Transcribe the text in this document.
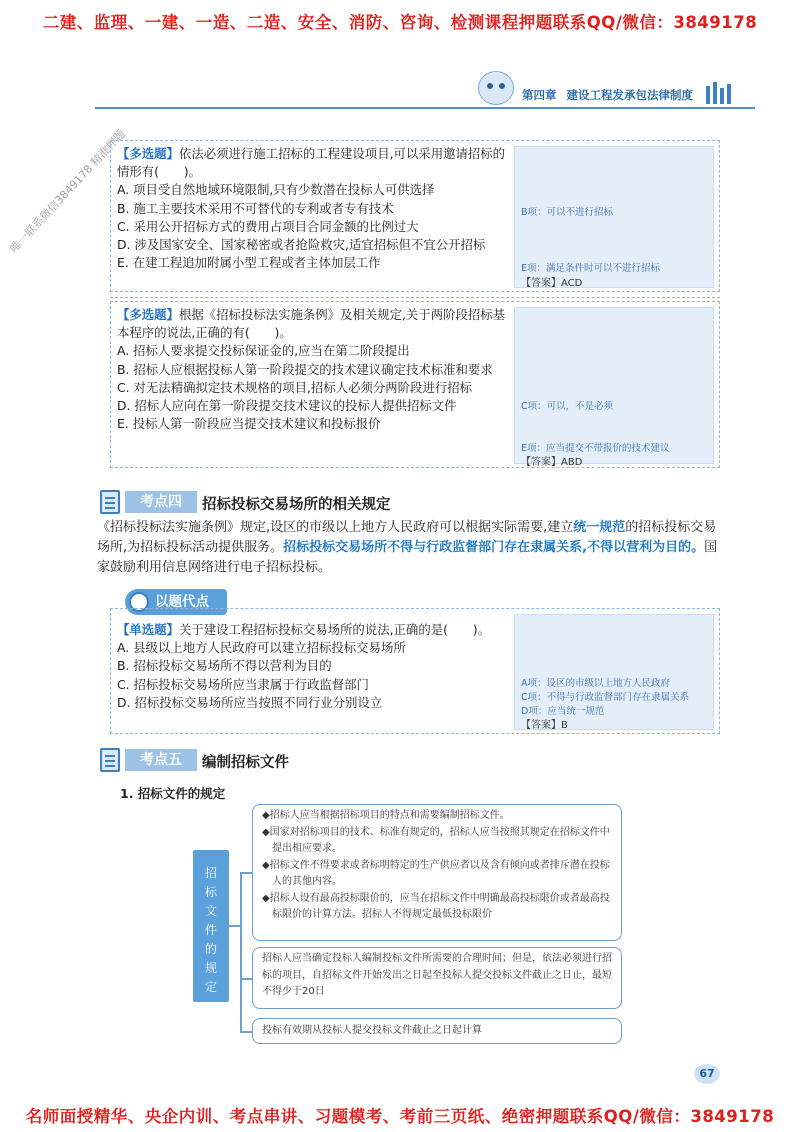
二建、监理、一建、一造、二造、安全、消防、咨询、检测课程押题联系QQ/微信：3849178
第四章 建设工程发承包法律制度
唯一联系微信3849178 精准押题

【多选题】依法必须进行施工招标的工程建设项目,可以采用邀请招标的情形有(　　)。

A. 项目受自然地域环境限制,只有少数潜在投标人可供选择

B. 施工主要技术采用不可替代的专利或者专有技术

C. 采用公开招标方式的费用占项目合同金额的比例过大

D. 涉及国家安全、国家秘密或者抢险救灾,适宜招标但不宜公开招标

E. 在建工程追加附属小型工程或者主体加层工作

B项：可以不进行招标
E项：满足条件时可以不进行招标
【答案】ACD

【多选题】根据《招标投标法实施条例》及相关规定,关于两阶段招标基本程序的说法,正确的有(　　)。

A. 招标人要求提交投标保证金的,应当在第二阶段提出

B. 招标人应根据投标人第一阶段提交的技术建议确定技术标准和要求

C. 对无法精确拟定技术规格的项目,招标人必须分两阶段进行招标

D. 招标人应向在第一阶段提交技术建议的投标人提供招标文件

E. 投标人第一阶段应当提交技术建议和投标报价

C项：可以，不是必须
E项：应当提交不带报价的技术建议
【答案】ABD
考点四	招标投标交易场所的相关规定
《招标投标法实施条例》规定,设区的市级以上地方人民政府可以根据实际需要,建立统一规范的招标投标交易场所,为招标投标活动提供服务。招标投标交易场所不得与行政监督部门存在隶属关系,不得以营利为目的。国家鼓励利用信息网络进行电子招标投标。
以题代点

【单选题】关于建设工程招标投标交易场所的说法,正确的是(　　)。

A. 县级以上地方人民政府可以建立招标投标交易场所

B. 招标投标交易场所不得以营利为目的

C. 招标投标交易场所应当隶属于行政监督部门

D. 招标投标交易场所应当按照不同行业分别设立

A项：设区的市级以上地方人民政府
C项：不得与行政监督部门存在隶属关系
D项：应当统一规范
【答案】B
考点五	编制招标文件
1. 招标文件的规定
招
标
文
件
的
规
定

◆招标人应当根据招标项目的特点和需要编制招标文件。

◆国家对招标项目的技术、标准有规定的，招标人应当按照其规定在招标文件中提出相应要求。

◆招标文件不得要求或者标明特定的生产供应者以及含有倾向或者排斥潜在投标人的其他内容。

◆招标人设有最高投标限价的，应当在招标文件中明确最高投标限价或者最高投标限价的计算方法。招标人不得规定最低投标限价

招标人应当确定投标人编制投标文件所需要的合理时间；但是，依法必须进行招标的项目，自招标文件开始发出之日起至投标人提交投标文件截止之日止，最短不得少于20日
投标有效期从投标人提交投标文件截止之日起计算
67
名师面授精华、央企内训、考点串讲、习题模考、考前三页纸、绝密押题联系QQ/微信：3849178
